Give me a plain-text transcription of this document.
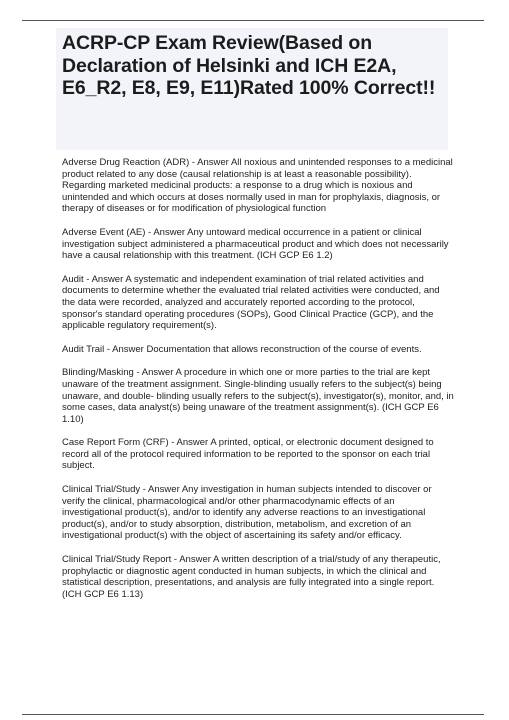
ACRP-CP Exam Review(Based on Declaration of Helsinki and ICH E2A, E6_R2, E8, E9, E11)Rated 100% Correct!!

Adverse Drug Reaction (ADR) - Answer All noxious and unintended responses to a medicinal product related to any dose (causal relationship is at least a reasonable possibility). Regarding marketed medicinal products: a response to a drug which is noxious and unintended and which occurs at doses normally used in man for prophylaxis, diagnosis, or therapy of diseases or for modification of physiological function

Adverse Event (AE) - Answer Any untoward medical occurrence in a patient or clinical investigation subject administered a pharmaceutical product and which does not necessarily have a causal relationship with this treatment. (ICH GCP E6 1.2)

Audit - Answer A systematic and independent examination of trial related activities and documents to determine whether the evaluated trial related activities were conducted, and the data were recorded, analyzed and accurately reported according to the protocol, sponsor's standard operating procedures (SOPs), Good Clinical Practice (GCP), and the applicable regulatory requirement(s).

Audit Trail - Answer Documentation that allows reconstruction of the course of events.

Blinding/Masking - Answer A procedure in which one or more parties to the trial are kept unaware of the treatment assignment. Single-blinding usually refers to the subject(s) being unaware, and double- blinding usually refers to the subject(s), investigator(s), monitor, and, in some cases, data analyst(s) being unaware of the treatment assignment(s). (ICH GCP E6 1.10)

Case Report Form (CRF) - Answer A printed, optical, or electronic document designed to record all of the protocol required information to be reported to the sponsor on each trial subject.

Clinical Trial/Study - Answer Any investigation in human subjects intended to discover or verify the clinical, pharmacological and/or other pharmacodynamic effects of an investigational product(s), and/or to identify any adverse reactions to an investigational product(s), and/or to study absorption, distribution, metabolism, and excretion of an investigational product(s) with the object of ascertaining its safety and/or efficacy.

Clinical Trial/Study Report - Answer A written description of a trial/study of any therapeutic, prophylactic or diagnostic agent conducted in human subjects, in which the clinical and statistical description, presentations, and analysis are fully integrated into a single report. (ICH GCP E6 1.13)
